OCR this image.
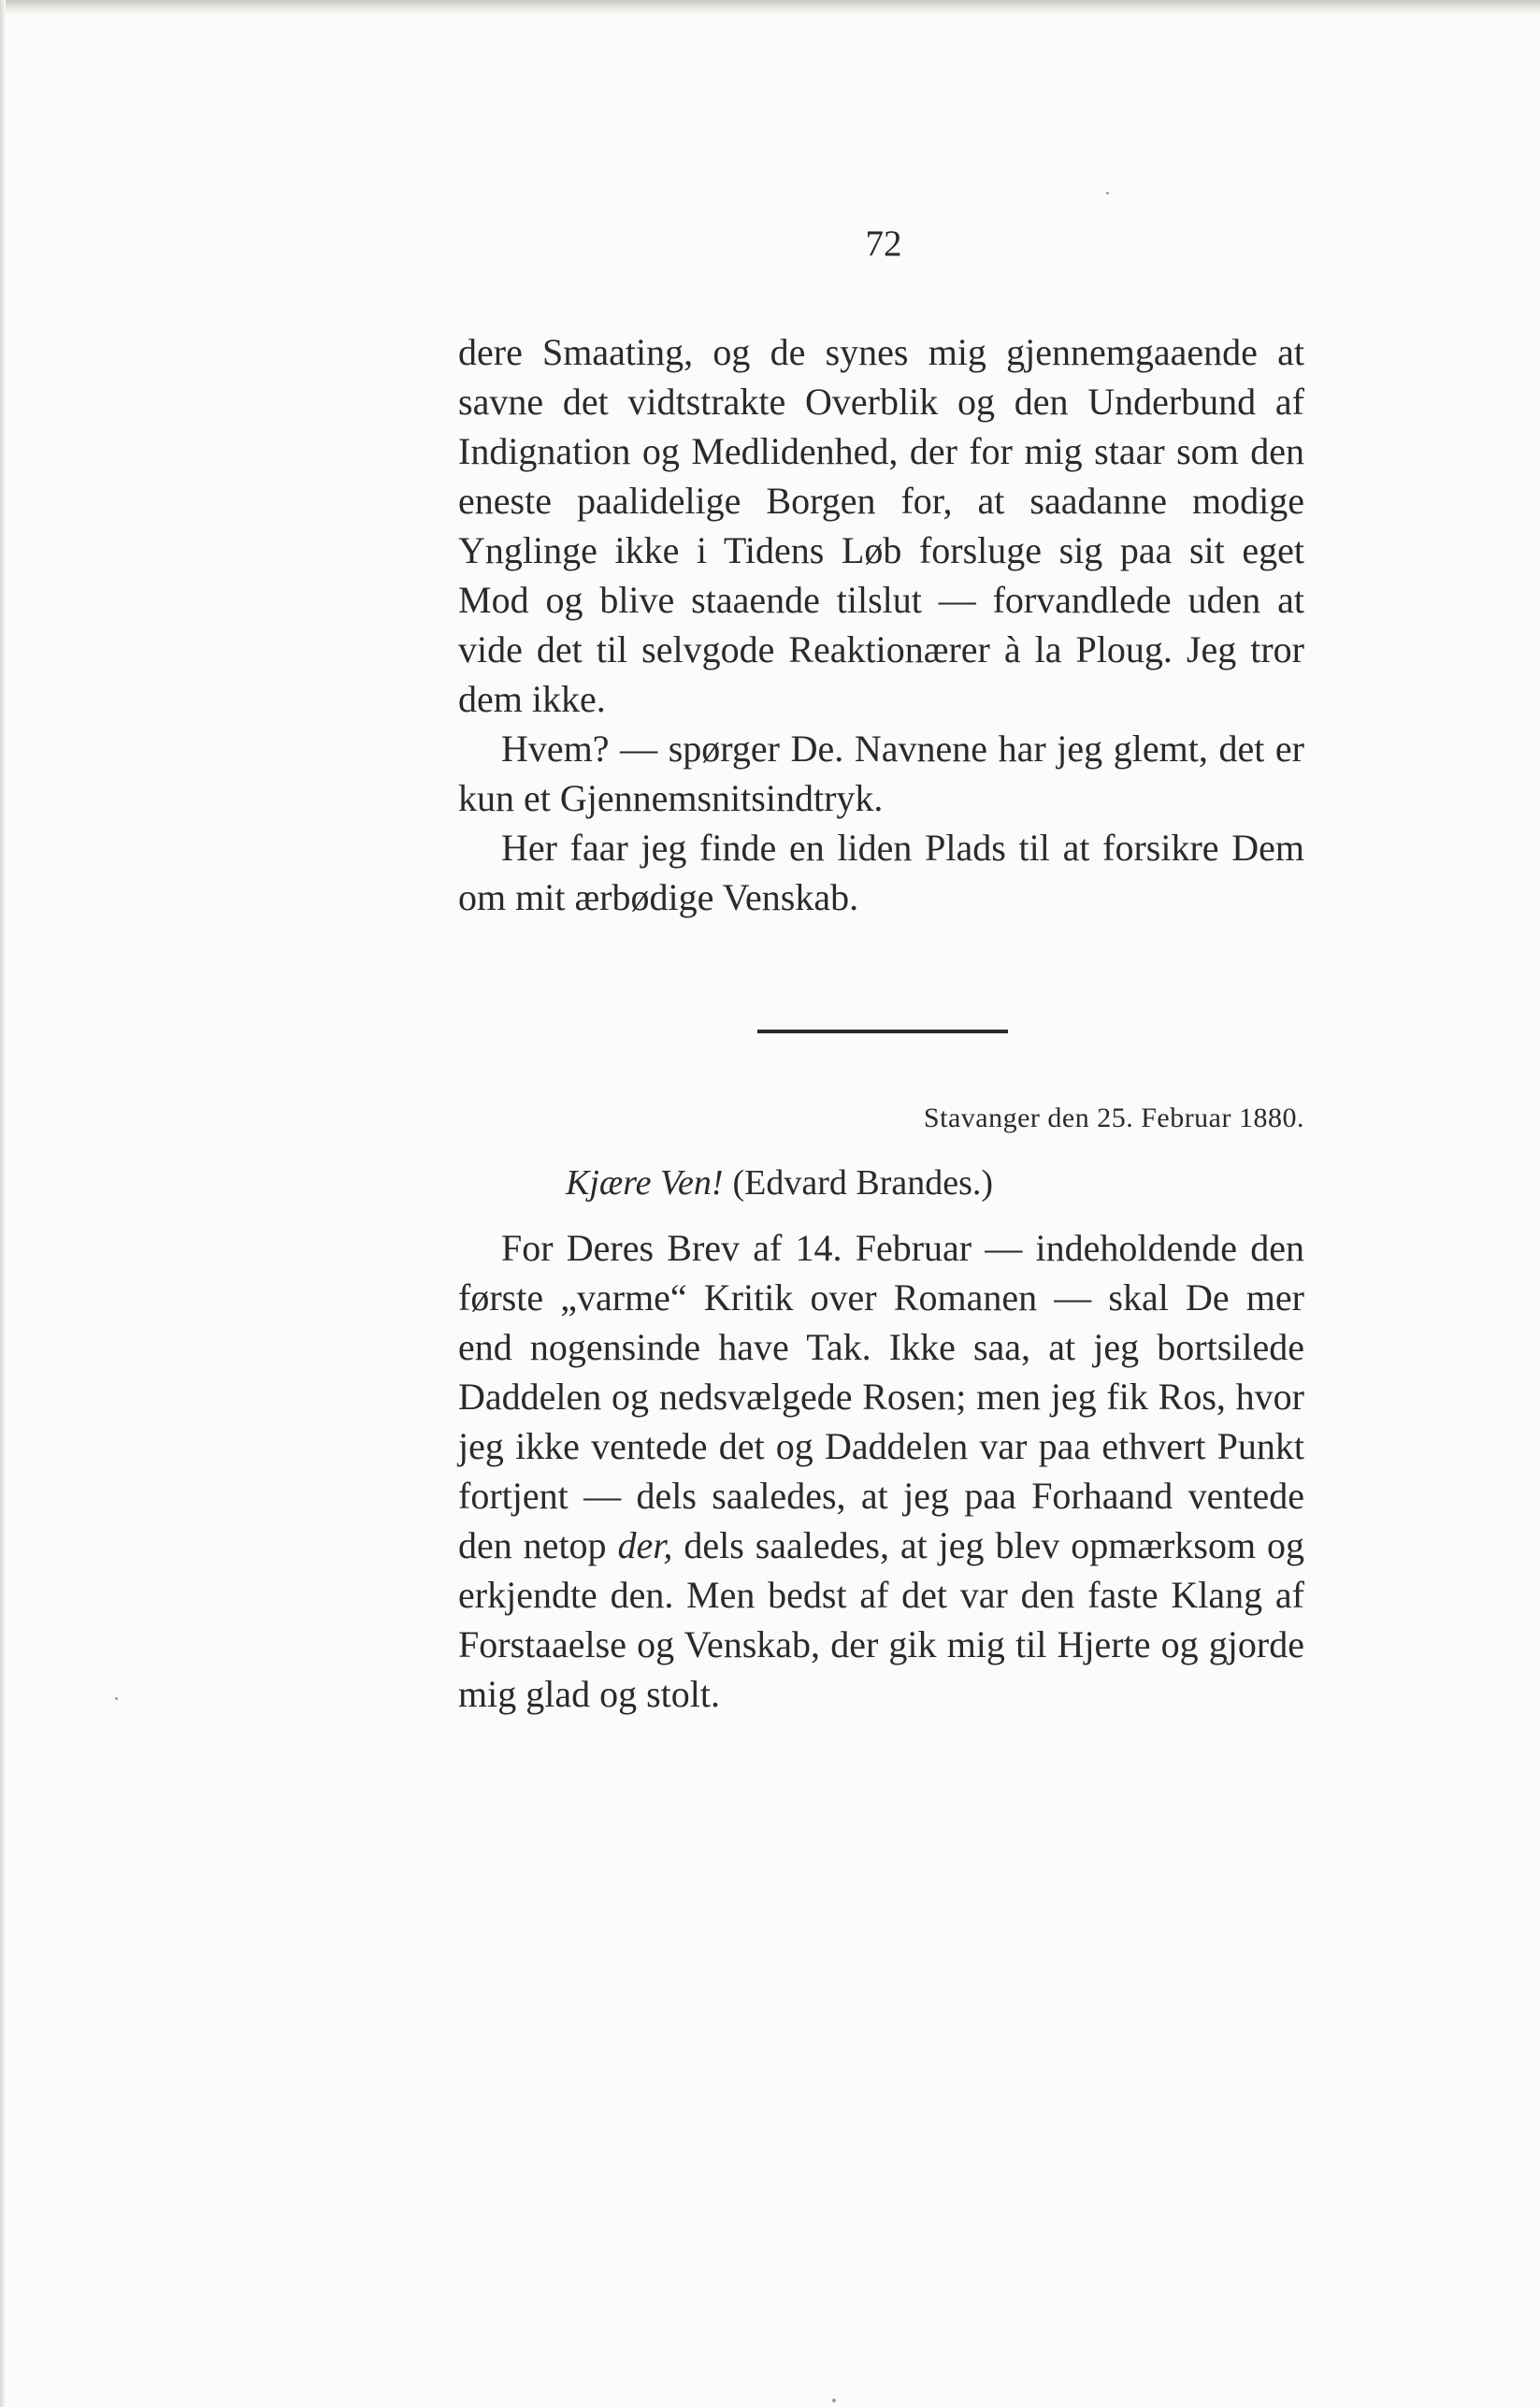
72

dere Smaating, og de synes mig gjennemgaaende at savne det vidtstrakte Overblik og den Underbund af Indignation og Medlidenhed, der for mig staar som den eneste paalidelige Borgen for, at saadanne modige Ynglinge ikke i Tidens Løb forsluge sig paa sit eget Mod og blive staaende tilslut — forvandlede uden at vide det til selvgode Reaktionærer à la Ploug. Jeg tror dem ikke.

Hvem? — spørger De. Navnene har jeg glemt, det er kun et Gjennemsnitsindtryk.

Her faar jeg finde en liden Plads til at forsikre Dem om mit ærbødige Venskab.

Stavanger den 25. Februar 1880.
Kjære Ven! (Edvard Brandes.)

For Deres Brev af 14. Februar — indeholdende den første „varme“ Kritik over Romanen — skal De mer end nogensinde have Tak. Ikke saa, at jeg bortsilede Daddelen og nedsvælgede Rosen; men jeg fik Ros, hvor jeg ikke ventede det og Daddelen var paa ethvert Punkt fortjent — dels saaledes, at jeg paa Forhaand ventede den netop der, dels saaledes, at jeg blev opmærksom og erkjendte den. Men bedst af det var den faste Klang af Forstaaelse og Venskab, der gik mig til Hjerte og gjorde mig glad og stolt.
